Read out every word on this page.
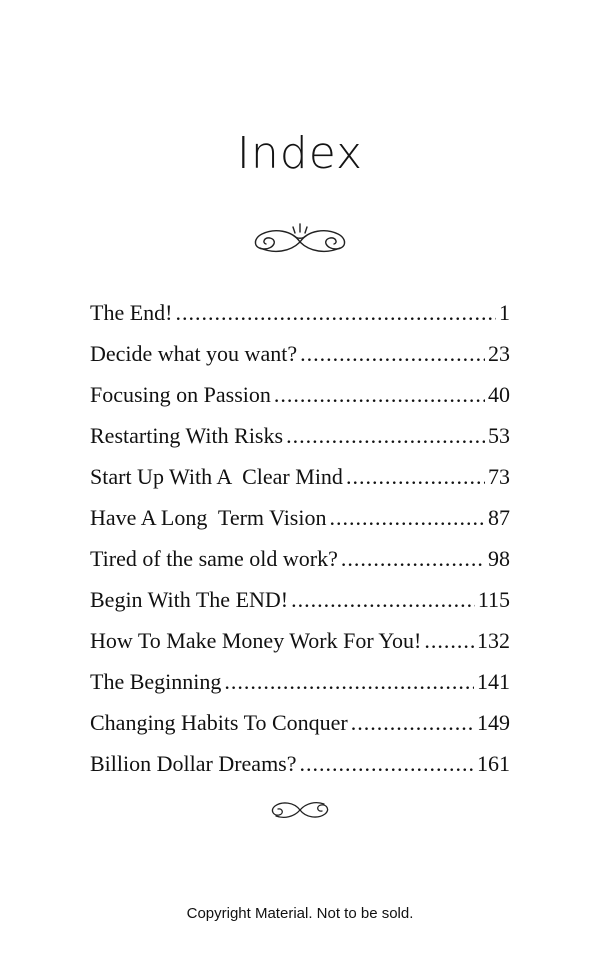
Index
The End! .....	1
Decide what you want? .....	23
Focusing on Passion .....	40
Restarting With Risks .....	53
Start Up With A  Clear Mind .....	73
Have A Long  Term Vision .....	87
Tired of the same old work? .....	98
Begin With The END! .....	115
How To Make Money Work For You! .....	132
The Beginning .....	141
Changing Habits To Conquer .....	149
Billion Dollar Dreams? .....	161
Copyright Material. Not to be sold.
